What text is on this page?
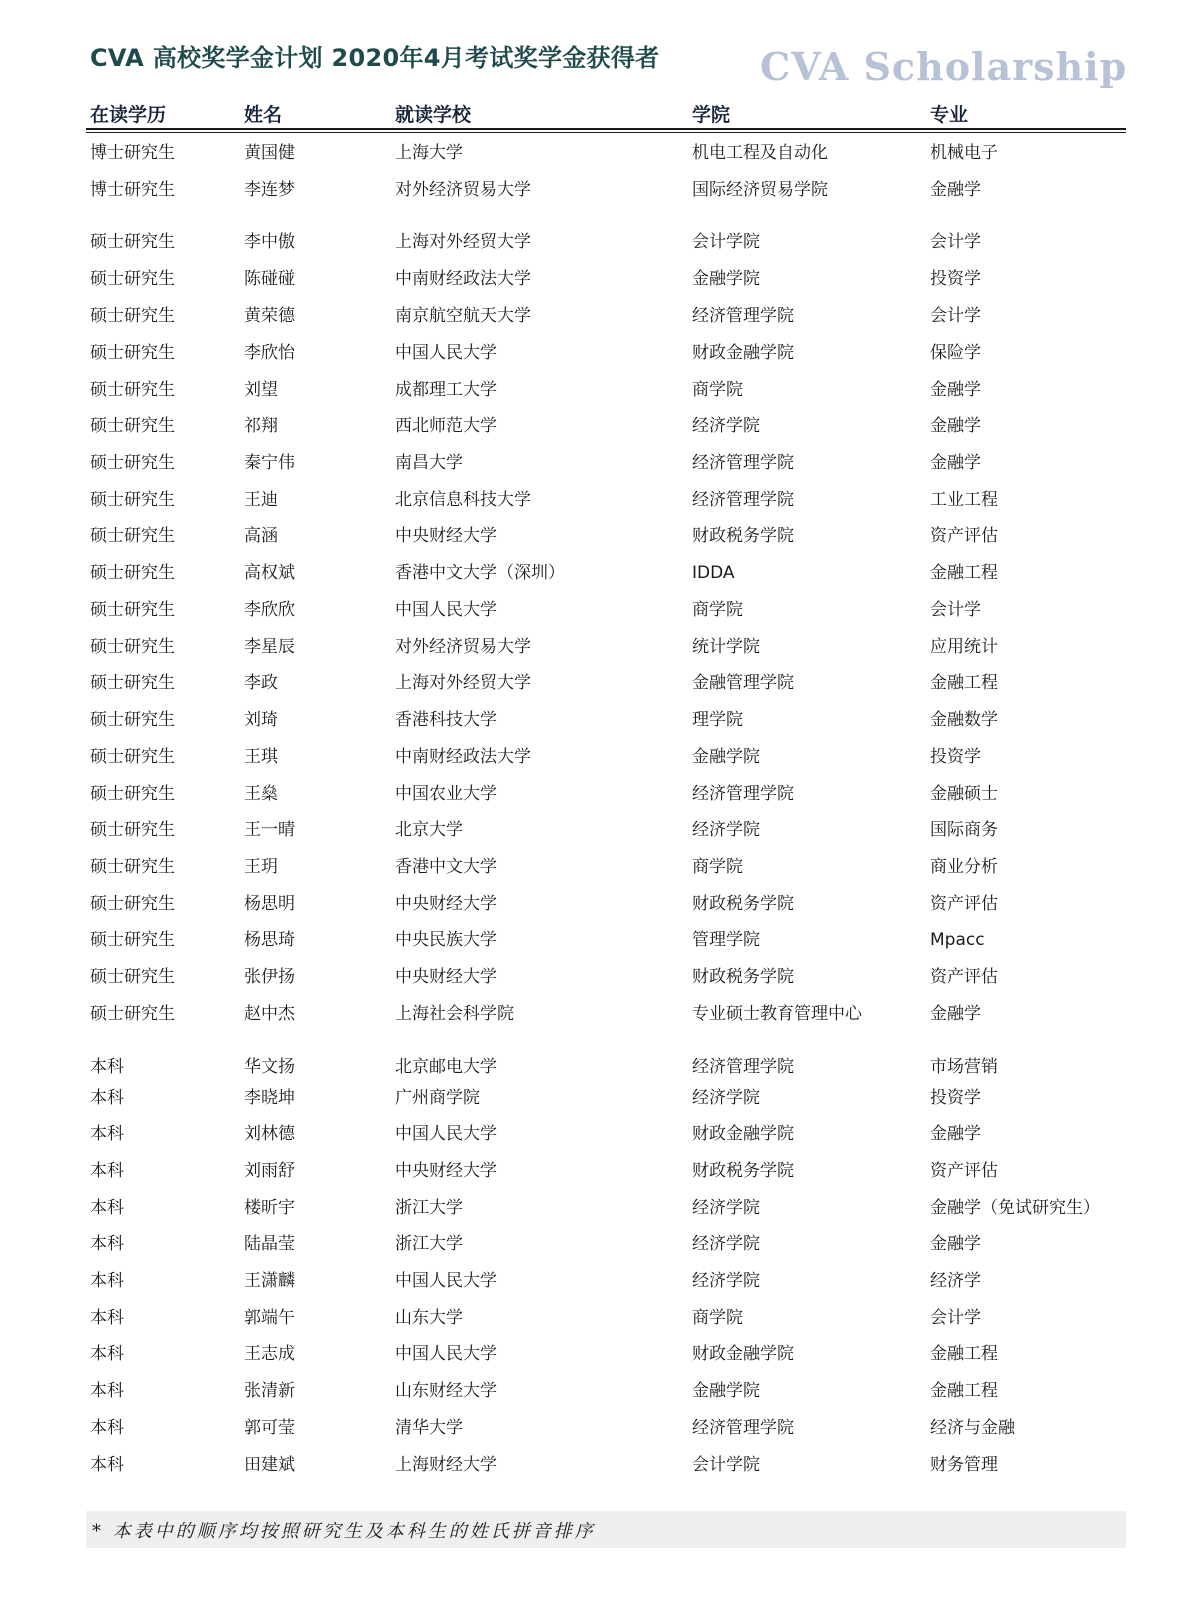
CVA 高校奖学金计划 2020年4月考试奖学金获得者	CVA Scholarship
在读学历	姓名	就读学校	学院	专业
博士研究生	黄国健	上海大学	机电工程及自动化	机械电子
博士研究生	李连梦	对外经济贸易大学	国际经济贸易学院	金融学
硕士研究生	李中傲	上海对外经贸大学	会计学院	会计学
硕士研究生	陈碰碰	中南财经政法大学	金融学院	投资学
硕士研究生	黄荣德	南京航空航天大学	经济管理学院	会计学
硕士研究生	李欣怡	中国人民大学	财政金融学院	保险学
硕士研究生	刘望	成都理工大学	商学院	金融学
硕士研究生	祁翔	西北师范大学	经济学院	金融学
硕士研究生	秦宁伟	南昌大学	经济管理学院	金融学
硕士研究生	王迪	北京信息科技大学	经济管理学院	工业工程
硕士研究生	高涵	中央财经大学	财政税务学院	资产评估
硕士研究生	高权斌	香港中文大学（深圳）	IDDA	金融工程
硕士研究生	李欣欣	中国人民大学	商学院	会计学
硕士研究生	李星辰	对外经济贸易大学	统计学院	应用统计
硕士研究生	李政	上海对外经贸大学	金融管理学院	金融工程
硕士研究生	刘琦	香港科技大学	理学院	金融数学
硕士研究生	王琪	中南财经政法大学	金融学院	投资学
硕士研究生	王燊	中国农业大学	经济管理学院	金融硕士
硕士研究生	王一晴	北京大学	经济学院	国际商务
硕士研究生	王玥	香港中文大学	商学院	商业分析
硕士研究生	杨思明	中央财经大学	财政税务学院	资产评估
硕士研究生	杨思琦	中央民族大学	管理学院	Mpacc
硕士研究生	张伊扬	中央财经大学	财政税务学院	资产评估
硕士研究生	赵中杰	上海社会科学院	专业硕士教育管理中心	金融学
本科	华文扬	北京邮电大学	经济管理学院	市场营销
本科	李晓坤	广州商学院	经济学院	投资学
本科	刘林德	中国人民大学	财政金融学院	金融学
本科	刘雨舒	中央财经大学	财政税务学院	资产评估
本科	楼昕宇	浙江大学	经济学院	金融学（免试研究生）
本科	陆晶莹	浙江大学	经济学院	金融学
本科	王潇麟	中国人民大学	经济学院	经济学
本科	郭端午	山东大学	商学院	会计学
本科	王志成	中国人民大学	财政金融学院	金融工程
本科	张清新	山东财经大学	金融学院	金融工程
本科	郭可莹	清华大学	经济管理学院	经济与金融
本科	田建斌	上海财经大学	会计学院	财务管理
* 本表中的顺序均按照研究生及本科生的姓氏拼音排序
